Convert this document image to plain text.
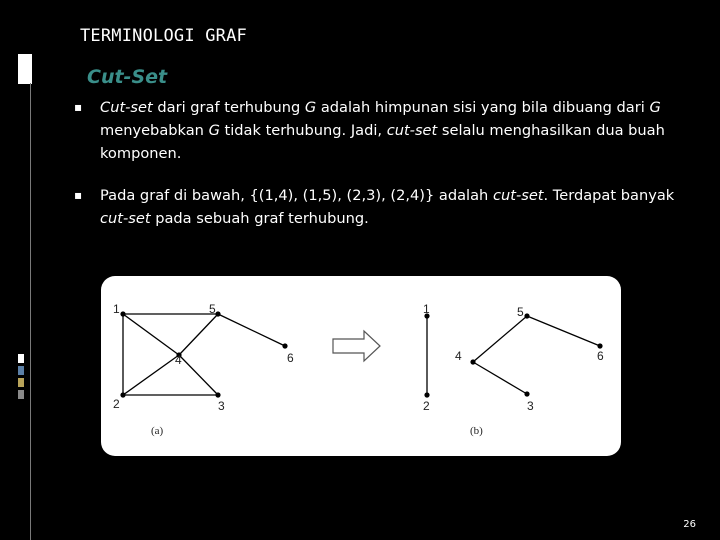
TERMINOLOGI GRAF
Cut-Set
▪	Cut-set dari graf terhubung G adalah himpunan sisi yang bila dibuang dari G menyebabkan G tidak terhubung. Jadi, cut-set selalu menghasilkan dua buah komponen.
▪	Pada graf di bawah, {(1,4), (1,5), (2,3), (2,4)} adalah cut-set. Terdapat banyak cut-set pada sebuah graf terhubung.
1
2	3
4
5
6
(a)
1
2	3
4
5
6
(b)
26
